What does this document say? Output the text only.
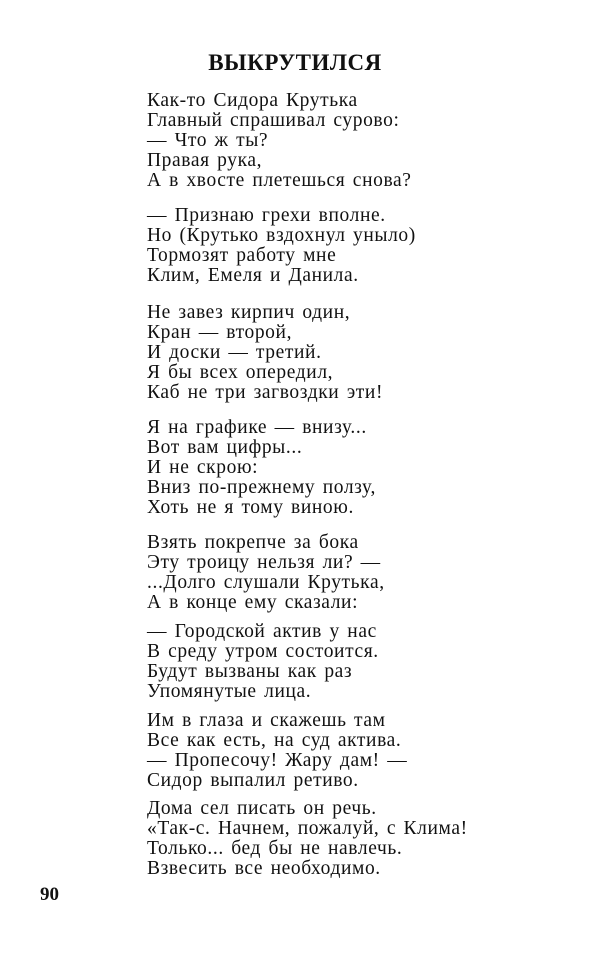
ВЫКРУТИЛСЯ
Как-то Сидора Крутька
Главный спрашивал сурово:
— Что ж ты?
Правая рука,
А в хвосте плетешься снова?
— Признаю грехи вполне.
Но (Крутько вздохнул уныло)
Тормозят работу мне
Клим, Емеля и Данила.
Не завез кирпич один,
Кран — второй,
И доски — третий.
Я бы всех опередил,
Каб не три загвоздки эти!
Я на графике — внизу...
Вот вам цифры...
И не скрою:
Вниз по-прежнему ползу,
Хоть не я тому виною.
Взять покрепче за бока
Эту троицу нельзя ли? —
...Долго слушали Крутька,
А в конце ему сказали:
— Городской актив у нас
В среду утром состоится.
Будут вызваны как раз
Упомянутые лица.
Им в глаза и скажешь там
Все как есть, на суд актива.
— Пропесочу! Жару дам! —
Сидор выпалил ретиво.
Дома сел писать он речь.
«Так-с. Начнем, пожалуй, с Клима!
Только... бед бы не навлечь.
Взвесить все необходимо.
90
